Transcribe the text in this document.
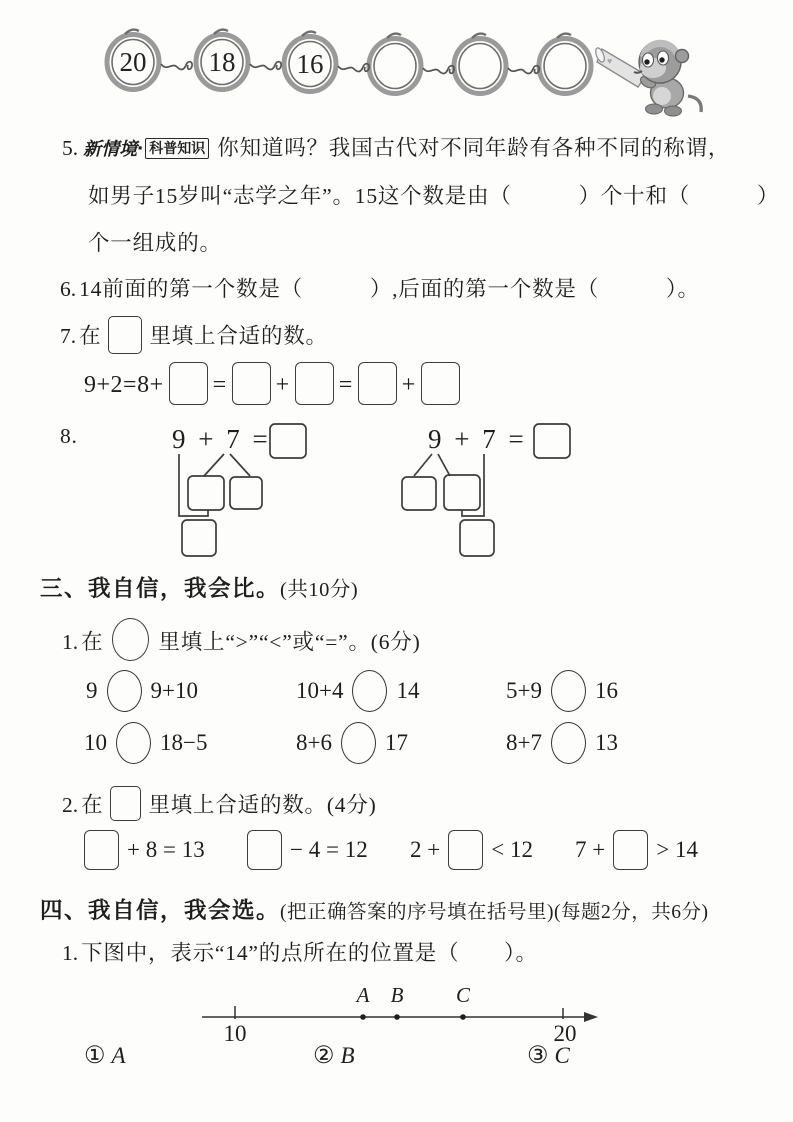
20 18 16	♥
5. 新情境· 科普知识 你知道吗？我国古代对不同年龄有各种不同的称谓，
如男子15岁叫“志学之年”。15这个数是由（　　　）个十和（　　　）
个一组成的。
6. 14前面的第一个数是（　　　）,后面的第一个数是（　　　）。
7. 在 里填上合适的数。
9+2=8+ = + = +
8.	9 + 7 =	9 + 7 =
三、我自信，我会比。(共10分)
1. 在	里填上“>”“<”或“=”。(6分)
9 9+10	10+4 14	5+9 16
10 18−5	8+6 17	8+7 13
2. 在 里填上合适的数。(4分)
+ 8 = 13	− 4 = 12 2 + < 12 7 + > 14
四、我自信，我会选。(把正确答案的序号填在括号里)(每题2分，共6分)
1. 下图中，表示“14”的点所在的位置是（　　）。
10	20
A B	C
① A	② B	③ C
